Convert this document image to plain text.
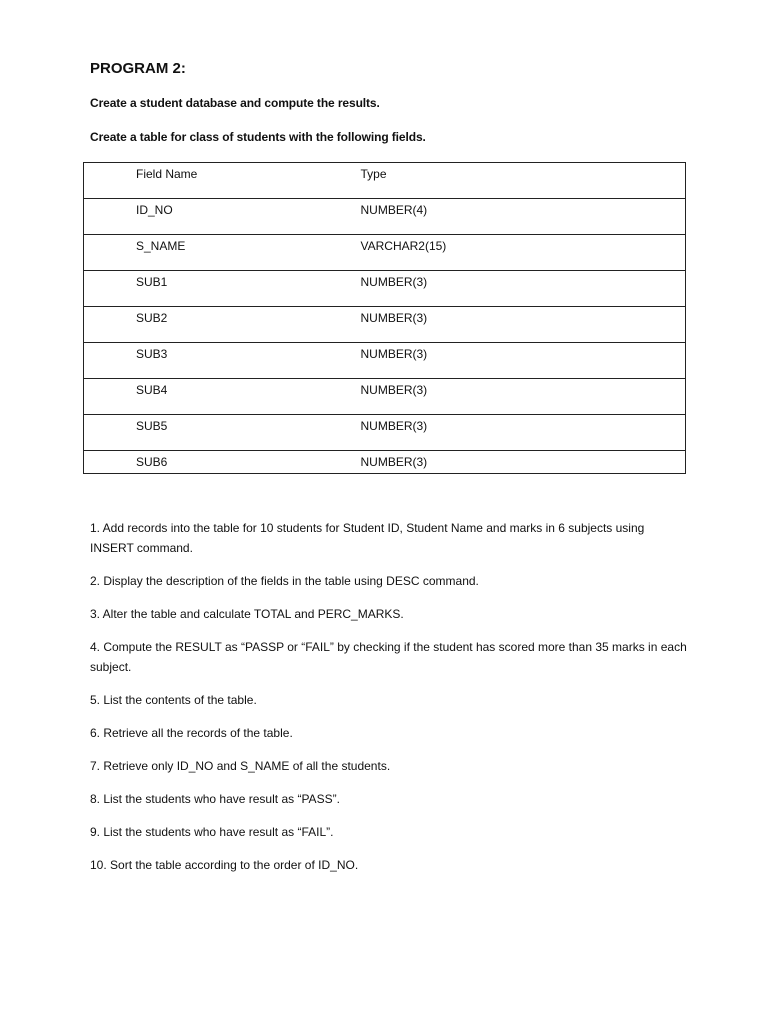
PROGRAM 2:

Create a student database and compute the results.

Create a table for class of students with the following fields.

Field Name	Type

ID_NO	NUMBER(4)

S_NAME	VARCHAR2(15)

SUB1	NUMBER(3)

SUB2	NUMBER(3)

SUB3	NUMBER(3)

SUB4	NUMBER(3)

SUB5	NUMBER(3)

SUB6	NUMBER(3)
1. Add records into the table for 10 students for Student ID, Student Name and marks in 6 subjects using INSERT command.
2. Display the description of the fields in the table using DESC command.
3. Alter the table and calculate TOTAL and PERC_MARKS.
4. Compute the RESULT as “PASSP or “FAIL” by checking if the student has scored more than 35 marks in each subject.
5. List the contents of the table.
6. Retrieve all the records of the table.
7. Retrieve only ID_NO and S_NAME of all the students.
8. List the students who have result as “PASS”.
9. List the students who have result as “FAIL”.
10. Sort the table according to the order of ID_NO.
